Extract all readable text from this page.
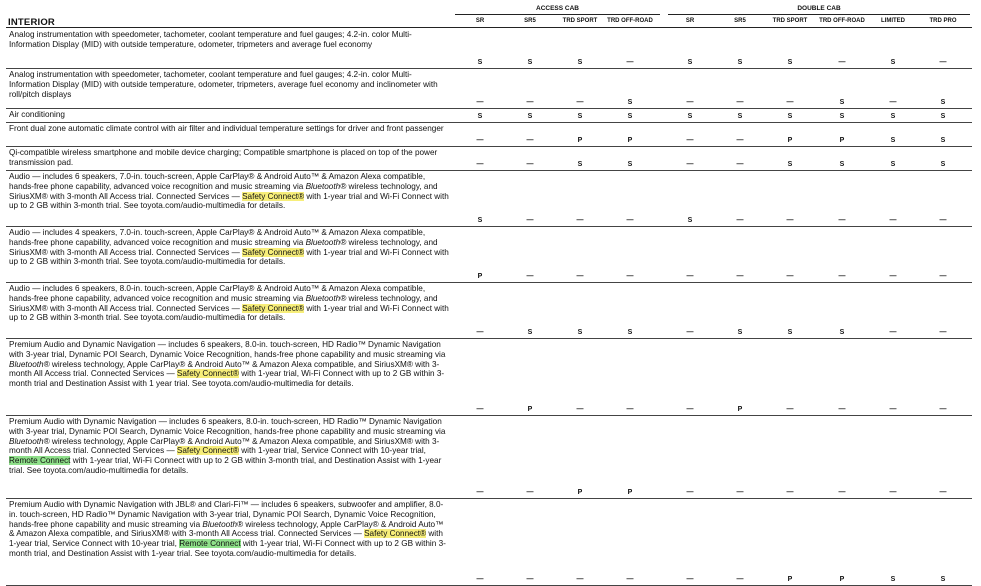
INTERIOR
ACCESS CAB
SR	SR5	TRD SPORT	TRD OFF-ROAD
DOUBLE CAB
SR	SR5	TRD SPORT	TRD OFF-ROAD	LIMITED	TRD PRO
Analog instrumentation with speedometer, tachometer, coolant temperature and fuel gauges; 4.2-in. color Multi-Information Display (MID) with outside temperature, odometer, tripmeters and average fuel economy
S	S	S	—	S	S	S	—	S	—
Analog instrumentation with speedometer, tachometer, coolant temperature and fuel gauges; 4.2-in. color Multi-Information Display (MID) with outside temperature, odometer, tripmeters, average fuel economy and inclinometer with roll/pitch displays
—	—	—	S	—	—	—	S	—	S
Air conditioning	S	S	S	S	S	S	S	S	S	S
Front dual zone automatic climate control with air filter and individual temperature settings for driver and front passenger
—	—	P	P	—	—	P	P	S	S
Qi-compatible wireless smartphone and mobile device charging; Compatible smartphone is placed on top of the power transmission pad.	—	—	S	S	—	—	S	S	S	S
Audio — includes 6 speakers, 7.0-in. touch-screen, Apple CarPlay® & Android Auto™ & Amazon Alexa compatible, hands-free phone capability, advanced voice recognition and music streaming via Bluetooth® wireless technology, and SiriusXM® with 3-month All Access trial. Connected Services — Safety Connect® with 1-year trial and Wi-Fi Connect with up to 2 GB within 3-month trial. See toyota.com/audio-multimedia for details.
S	—	—	—	S	—	—	—	—	—
Audio — includes 4 speakers, 7.0-in. touch-screen, Apple CarPlay® & Android Auto™ & Amazon Alexa compatible, hands-free phone capability, advanced voice recognition and music streaming via Bluetooth® wireless technology, and SiriusXM® with 3-month All Access trial. Connected Services — Safety Connect® with 1-year trial and Wi-Fi Connect with up to 2 GB within 3-month trial. See toyota.com/audio-multimedia for details.
P	—	—	—	—	—	—	—	—	—
Audio — includes 6 speakers, 8.0-in. touch-screen, Apple CarPlay® & Android Auto™ & Amazon Alexa compatible, hands-free phone capability, advanced voice recognition and music streaming via Bluetooth® wireless technology, and SiriusXM® with 3-month All Access trial. Connected Services — Safety Connect® with 1-year trial and Wi-Fi Connect with up to 2 GB within 3-month trial. See toyota.com/audio-multimedia for details.
—	S	S	S	—	S	S	S	—	—
Premium Audio and Dynamic Navigation — includes 6 speakers, 8.0-in. touch-screen, HD Radio™ Dynamic Navigation with 3-year trial, Dynamic POI Search, Dynamic Voice Recognition, hands-free phone capability and music streaming via Bluetooth® wireless technology, Apple CarPlay® & Android Auto™ & Amazon Alexa compatible, and SiriusXM® with 3-month All Access trial. Connected Services — Safety Connect® with 1-year trial, Wi-Fi Connect with up to 2 GB within 3-month trial and Destination Assist with 1 year trial. See toyota.com/audio-multimedia for details.
—	P	—	—	—	P	—	—	—	—
Premium Audio with Dynamic Navigation — includes 6 speakers, 8.0-in. touch-screen, HD Radio™ Dynamic Navigation with 3-year trial, Dynamic POI Search, Dynamic Voice Recognition, hands-free phone capability and music streaming via Bluetooth® wireless technology, Apple CarPlay® & Android Auto™ & Amazon Alexa compatible, and SiriusXM® with 3-month All Access trial. Connected Services — Safety Connect® with 1-year trial, Service Connect with 10-year trial, Remote Connect with 1-year trial, Wi-Fi Connect with up to 2 GB within 3-month trial, and Destination Assist with 1-year trial. See toyota.com/audio-multimedia for details.
—	—	P	P	—	—	—	—	—	—
Premium Audio with Dynamic Navigation with JBL® and Clari-Fi™ — includes 6 speakers, subwoofer and amplifier, 8.0-in. touch-screen, HD Radio™ Dynamic Navigation with 3-year trial, Dynamic POI Search, Dynamic Voice Recognition, hands-free phone capability and music streaming via Bluetooth® wireless technology, Apple CarPlay® & Android Auto™ & Amazon Alexa compatible, and SiriusXM® with 3-month All Access trial. Connected Services — Safety Connect® with 1-year trial, Service Connect with 10-year trial, Remote Connect with 1-year trial, Wi-Fi Connect with up to 2 GB within 3-month trial, and Destination Assist with 1-year trial. See toyota.com/audio-multimedia for details.
—	—	—	—	—	—	P	P	S	S
